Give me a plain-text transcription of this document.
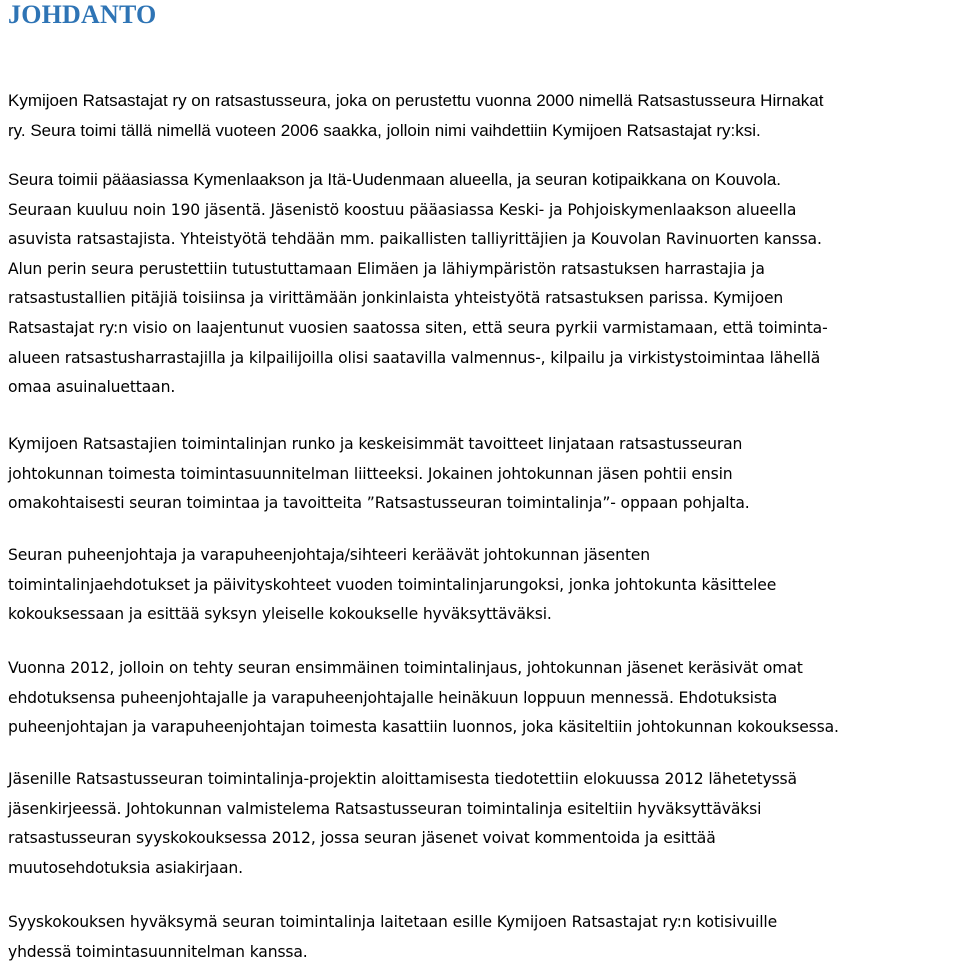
JOHDANTO
Kymijoen Ratsastajat ry on ratsastusseura, joka on perustettu vuonna 2000 nimellä Ratsastusseura Hirnakat
ry. Seura toimi tällä nimellä vuoteen 2006 saakka, jolloin nimi vaihdettiin Kymijoen Ratsastajat ry:ksi.
Seura toimii pääasiassa Kymenlaakson ja Itä-Uudenmaan alueella, ja seuran kotipaikkana on Kouvola.
Seuraan kuuluu noin 190 jäsentä. Jäsenistö koostuu pääasiassa Keski- ja Pohjoiskymenlaakson alueella
asuvista ratsastajista. Yhteistyötä tehdään mm. paikallisten talliyrittäjien ja Kouvolan Ravinuorten kanssa.
Alun perin seura perustettiin tutustuttamaan Elimäen ja lähiympäristön ratsastuksen harrastajia ja
ratsastustallien pitäjiä toisiinsa ja virittämään jonkinlaista yhteistyötä ratsastuksen parissa. Kymijoen
Ratsastajat ry:n visio on laajentunut vuosien saatossa siten, että seura pyrkii varmistamaan, että toiminta-
alueen ratsastusharrastajilla ja kilpailijoilla olisi saatavilla valmennus-, kilpailu ja virkistystoimintaa lähellä
omaa asuinaluettaan.
Kymijoen Ratsastajien toimintalinjan runko ja keskeisimmät tavoitteet linjataan ratsastusseuran
johtokunnan toimesta toimintasuunnitelman liitteeksi. Jokainen johtokunnan jäsen pohtii ensin
omakohtaisesti seuran toimintaa ja tavoitteita ”Ratsastusseuran toimintalinja”- oppaan pohjalta.
Seuran puheenjohtaja ja varapuheenjohtaja/sihteeri keräävät johtokunnan jäsenten
toimintalinjaehdotukset ja päivityskohteet vuoden toimintalinjarungoksi, jonka johtokunta käsittelee
kokouksessaan ja esittää syksyn yleiselle kokoukselle hyväksyttäväksi.
Vuonna 2012, jolloin on tehty seuran ensimmäinen toimintalinjaus, johtokunnan jäsenet keräsivät omat
ehdotuksensa puheenjohtajalle ja varapuheenjohtajalle heinäkuun loppuun mennessä. Ehdotuksista
puheenjohtajan ja varapuheenjohtajan toimesta kasattiin luonnos, joka käsiteltiin johtokunnan kokouksessa.
Jäsenille Ratsastusseuran toimintalinja-projektin aloittamisesta tiedotettiin elokuussa 2012 lähetetyssä
jäsenkirjeessä. Johtokunnan valmistelema Ratsastusseuran toimintalinja esiteltiin hyväksyttäväksi
ratsastusseuran syyskokouksessa 2012, jossa seuran jäsenet voivat kommentoida ja esittää
muutosehdotuksia asiakirjaan.
Syyskokouksen hyväksymä seuran toimintalinja laitetaan esille Kymijoen Ratsastajat ry:n kotisivuille
yhdessä toimintasuunnitelman kanssa.
